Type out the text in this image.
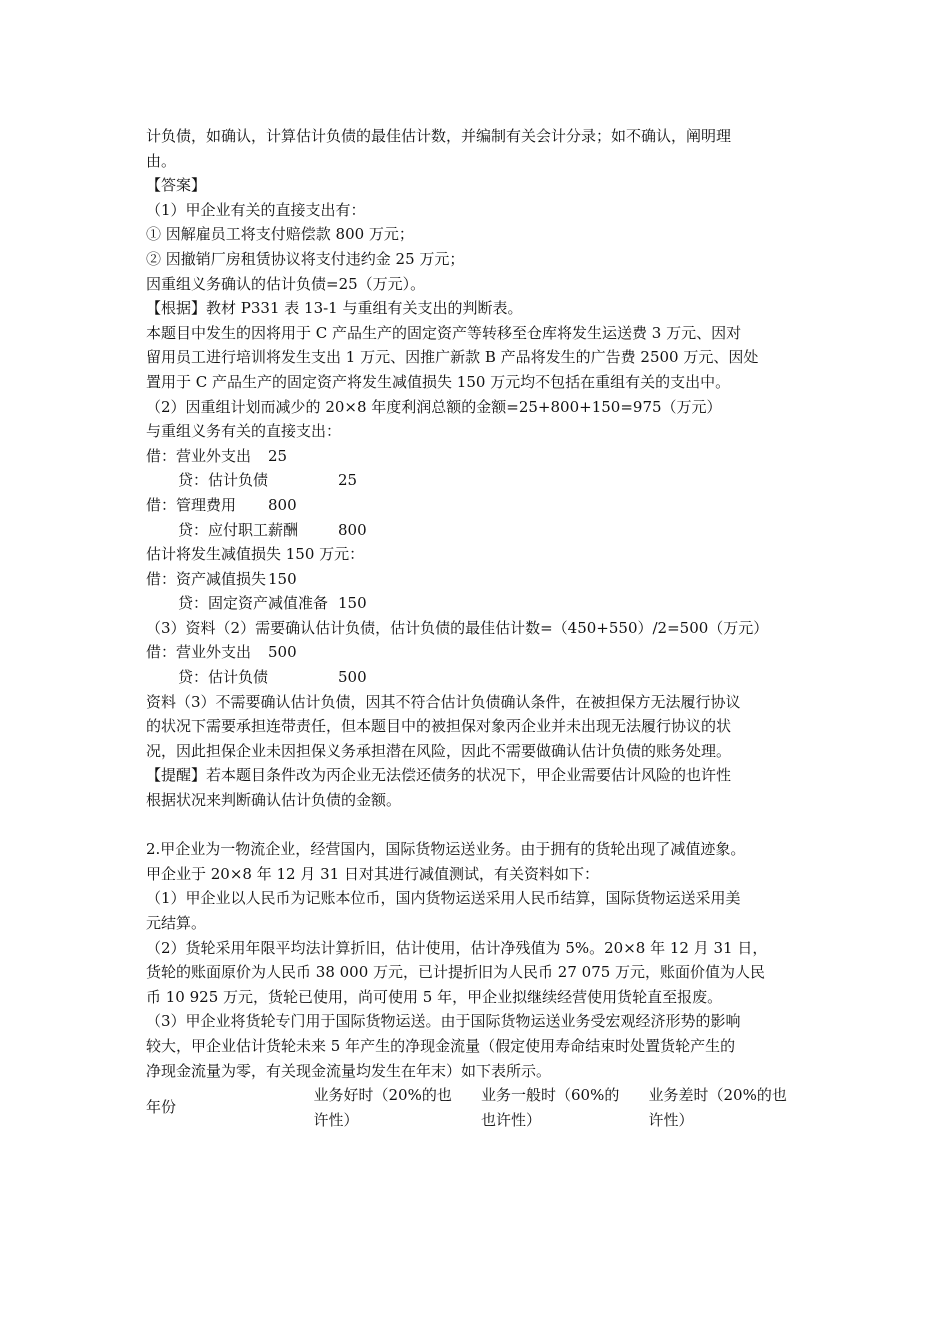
计负债，如确认，计算估计负债的最佳估计数，并编制有关会计分录；如不确认，阐明理
由。
【答案】
（1）甲企业有关的直接支出有：
① 因解雇员工将支付赔偿款 800 万元；
② 因撤销厂房租赁协议将支付违约金 25 万元；
因重组义务确认的估计负债=25（万元）。
【根据】教材 P331 表 13-1 与重组有关支出的判断表。
本题目中发生的因将用于 C 产品生产的固定资产等转移至仓库将发生运送费 3 万元、因对
留用员工进行培训将发生支出 1 万元、因推广新款 B 产品将发生的广告费 2500 万元、因处
置用于 C 产品生产的固定资产将发生减值损失 150 万元均不包括在重组有关的支出中。
（2）因重组计划而减少的 20×8 年度利润总额的金额=25+800+150=975（万元）
与重组义务有关的直接支出：
借：营业外支出 25
贷：估计负债	25
借：管理费用 800
贷：应付职工薪酬	800
估计将发生减值损失 150 万元：
借：资产减值损失 150
贷：固定资产减值准备 150
（3）资料（2）需要确认估计负债，估计负债的最佳估计数=（450+550）/2=500（万元）
借：营业外支出 500
贷：估计负债	500
资料（3）不需要确认估计负债，因其不符合估计负债确认条件，在被担保方无法履行协议
的状况下需要承担连带责任，但本题目中的被担保对象丙企业并未出现无法履行协议的状
况，因此担保企业未因担保义务承担潜在风险，因此不需要做确认估计负债的账务处理。
【提醒】若本题目条件改为丙企业无法偿还债务的状况下，甲企业需要估计风险的也许性
根据状况来判断确认估计负债的金额。
2.甲企业为一物流企业，经营国内，国际货物运送业务。由于拥有的货轮出现了减值迹象。
甲企业于 20×8 年 12 月 31 日对其进行减值测试，有关资料如下：
（1）甲企业以人民币为记账本位币，国内货物运送采用人民币结算，国际货物运送采用美
元结算。
（2）货轮采用年限平均法计算折旧，估计使用，估计净残值为 5%。20×8 年 12 月 31 日，
货轮的账面原价为人民币 38 000 万元，已计提折旧为人民币 27 075 万元，账面价值为人民
币 10 925 万元，货轮已使用，尚可使用 5 年，甲企业拟继续经营使用货轮直至报废。
（3）甲企业将货轮专门用于国际货物运送。由于国际货物运送业务受宏观经济形势的影响
较大，甲企业估计货轮未来 5 年产生的净现金流量（假定使用寿命结束时处置货轮产生的
净现金流量为零，有关现金流量均发生在年末）如下表所示。
年份	业务好时（20%的也	业务一般时（60%的	业务差时（20%的也
	许性）	也许性）	许性）
